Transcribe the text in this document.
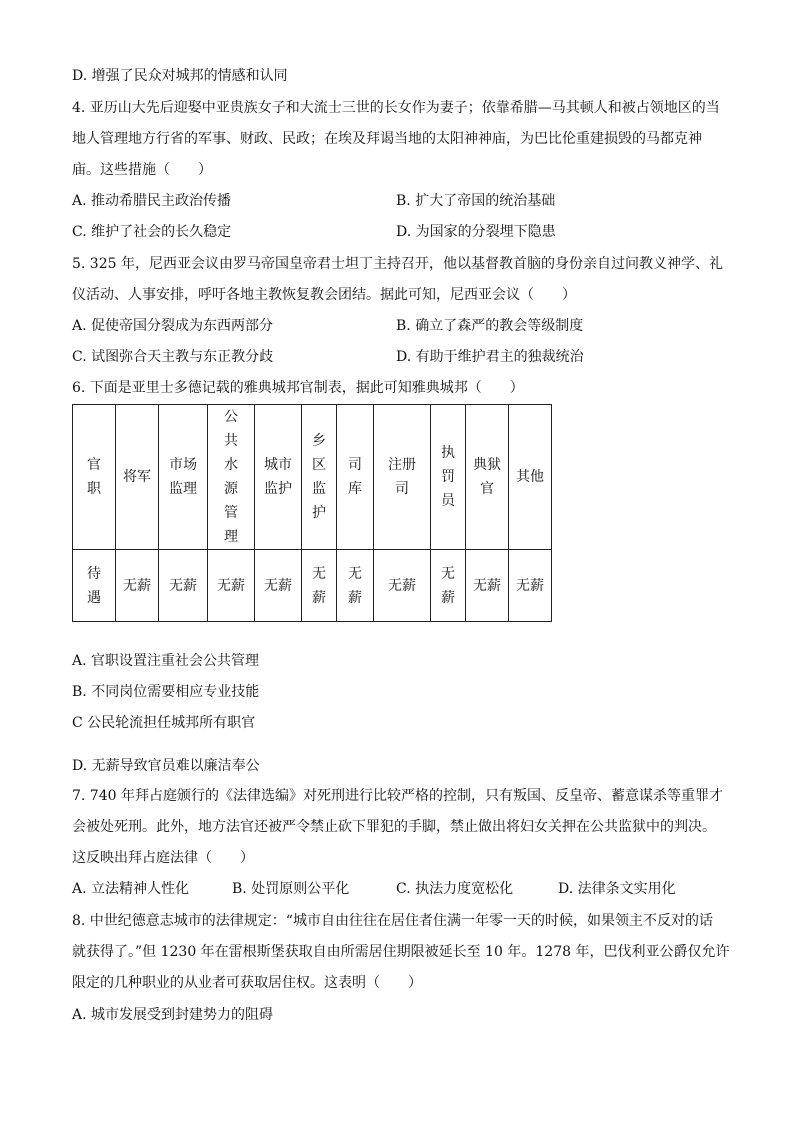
D. 增强了民众对城邦的情感和认同
4. 亚历山大先后迎娶中亚贵族女子和大流士三世的长女作为妻子；依靠希腊—马其顿人和被占领地区的当
地人管理地方行省的军事、财政、民政；在埃及拜谒当地的太阳神神庙，为巴比伦重建损毁的马都克神
庙。这些措施（　　）
A. 推动希腊民主政治传播	B. 扩大了帝国的统治基础
C. 维护了社会的长久稳定	D. 为国家的分裂埋下隐患
5. 325 年，尼西亚会议由罗马帝国皇帝君士坦丁主持召开，他以基督教首脑的身份亲自过问教义神学、礼
仪活动、人事安排，呼吁各地主教恢复教会团结。据此可知，尼西亚会议（　　）
A. 促使帝国分裂成为东西两部分	B. 确立了森严的教会等级制度
C. 试图弥合天主教与东正教分歧	D. 有助于维护君主的独裁统治
6. 下面是亚里士多德记载的雅典城邦官制表，据此可知雅典城邦（　　）
官职	将军	市场监理	公共水源管理	城市监护	乡区监护	司库	注册司	执罚员	典狱官	其他
待遇	无薪	无薪	无薪	无薪	无薪	无薪	无薪	无薪	无薪	无薪
A. 官职设置注重社会公共管理
B. 不同岗位需要相应专业技能
C 公民轮流担任城邦所有职官
D. 无薪导致官员难以廉洁奉公
7. 740 年拜占庭颁行的《法律选编》对死刑进行比较严格的控制，只有叛国、反皇帝、蓄意谋杀等重罪才
会被处死刑。此外，地方法官还被严令禁止砍下罪犯的手脚，禁止做出将妇女关押在公共监狱中的判决。
这反映出拜占庭法律（　　）
A. 立法精神人性化	B. 处罚原则公平化	C. 执法力度宽松化	D. 法律条文实用化
8. 中世纪德意志城市的法律规定：“城市自由往往在居住者住满一年零一天的时候，如果领主不反对的话
就获得了。”但 1230 年在雷根斯堡获取自由所需居住期限被延长至 10 年。1278 年，巴伐利亚公爵仅允许
限定的几种职业的从业者可获取居住权。这表明（　　）
A. 城市发展受到封建势力的阻碍
